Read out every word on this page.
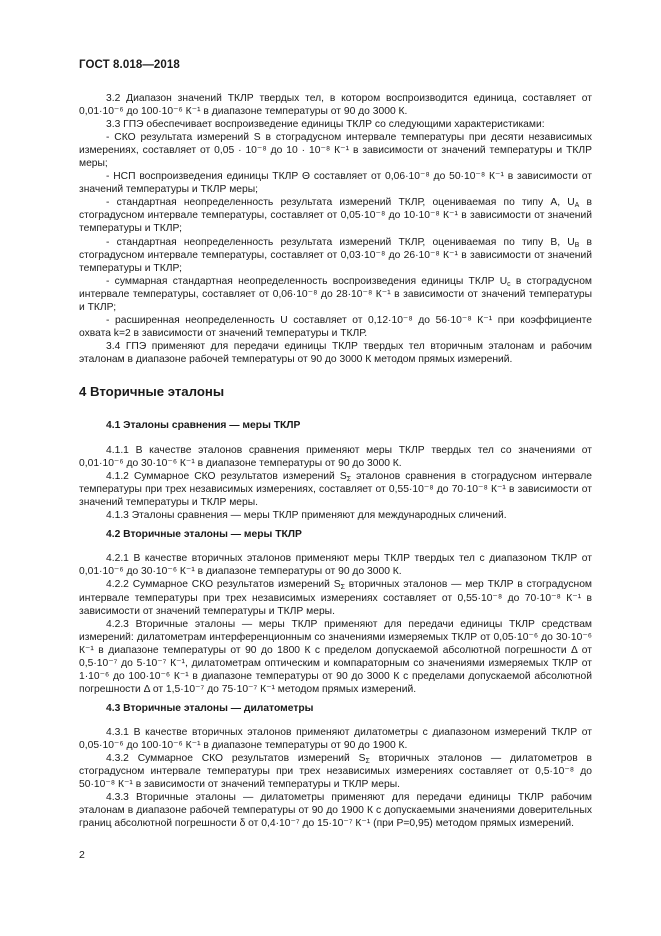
ГОСТ 8.018—2018

3.2 Диапазон значений ТКЛР твердых тел, в котором воспроизводится единица, составляет от 0,01·10⁻⁶ до 100·10⁻⁶ К⁻¹ в диапазоне температуры от 90 до 3000 К.

3.3 ГПЭ обеспечивает воспроизведение единицы ТКЛР со следующими характеристиками:

- СКО результата измерений S в стоградусном интервале температуры при десяти независимых измерениях, составляет от 0,05 · 10⁻⁸ до 10 · 10⁻⁸ К⁻¹ в зависимости от значений температуры и ТКЛР меры;

- НСП воспроизведения единицы ТКЛР Θ составляет от 0,06·10⁻⁸ до 50·10⁻⁸ К⁻¹ в зависимости от значений температуры и ТКЛР меры;

- стандартная неопределенность результата измерений ТКЛР, оцениваемая по типу А, $U_A$ в стоградусном интервале температуры, составляет от 0,05·10⁻⁸ до 10·10⁻⁸ К⁻¹ в зависимости от значений температуры и ТКЛР;

- стандартная неопределенность результата измерений ТКЛР, оцениваемая по типу В, $U_B$ в стоградусном интервале температуры, составляет от 0,03·10⁻⁸ до 26·10⁻⁸ К⁻¹ в зависимости от значений температуры и ТКЛР;

- суммарная стандартная неопределенность воспроизведения единицы ТКЛР $U_c$ в стоградусном интервале температуры, составляет от 0,06·10⁻⁸ до 28·10⁻⁸ К⁻¹ в зависимости от значений температуры и ТКЛР;

- расширенная неопределенность U составляет от 0,12·10⁻⁸ до 56·10⁻⁸ К⁻¹ при коэффициенте охвата k=2 в зависимости от значений температуры и ТКЛР.

3.4 ГПЭ применяют для передачи единицы ТКЛР твердых тел вторичным эталонам и рабочим эталонам в диапазоне рабочей температуры от 90 до 3000 К методом прямых измерений.

4 Вторичные эталоны

4.1 Эталоны сравнения — меры ТКЛР

4.1.1 В качестве эталонов сравнения применяют меры ТКЛР твердых тел со значениями от 0,01·10⁻⁶ до 30·10⁻⁶ К⁻¹ в диапазоне температуры от 90 до 3000 К.

4.1.2 Суммарное СКО результатов измерений $S_\Sigma$ эталонов сравнения в стоградусном интервале температуры при трех независимых измерениях, составляет от 0,55·10⁻⁸ до 70·10⁻⁸ К⁻¹ в зависимости от значений температуры и ТКЛР меры.

4.1.3 Эталоны сравнения — меры ТКЛР применяют для международных сличений.

4.2 Вторичные эталоны — меры ТКЛР

4.2.1 В качестве вторичных эталонов применяют меры ТКЛР твердых тел с диапазоном ТКЛР от 0,01·10⁻⁶ до 30·10⁻⁶ К⁻¹ в диапазоне температуры от 90 до 3000 К.

4.2.2 Суммарное СКО результатов измерений $S_\Sigma$ вторичных эталонов — мер ТКЛР в стоградусном интервале температуры при трех независимых измерениях составляет от 0,55·10⁻⁸ до 70·10⁻⁸ К⁻¹ в зависимости от значений температуры и ТКЛР меры.

4.2.3 Вторичные эталоны — меры ТКЛР применяют для передачи единицы ТКЛР средствам измерений: дилатометрам интерференционным со значениями измеряемых ТКЛР от 0,05·10⁻⁶ до 30·10⁻⁶ К⁻¹ в диапазоне температуры от 90 до 1800 К с пределом допускаемой абсолютной погрешности Δ от 0,5·10⁻⁷ до 5·10⁻⁷ К⁻¹, дилатометрам оптическим и компараторным со значениями измеряемых ТКЛР от 1·10⁻⁶ до 100·10⁻⁶ К⁻¹ в диапазоне температуры от 90 до 3000 К с пределами допускаемой абсолютной погрешности Δ от 1,5·10⁻⁷ до 75·10⁻⁷ К⁻¹ методом прямых измерений.

4.3 Вторичные эталоны — дилатометры

4.3.1 В качестве вторичных эталонов применяют дилатометры с диапазоном измерений ТКЛР от 0,05·10⁻⁶ до 100·10⁻⁶ К⁻¹ в диапазоне температуры от 90 до 1900 К.

4.3.2 Суммарное СКО результатов измерений $S_\Sigma$ вторичных эталонов — дилатометров в стоградусном интервале температуры при трех независимых измерениях составляет от 0,5·10⁻⁸ до 50·10⁻⁸ К⁻¹ в зависимости от значений температуры и ТКЛР меры.

4.3.3 Вторичные эталоны — дилатометры применяют для передачи единицы ТКЛР рабочим эталонам в диапазоне рабочей температуры от 90 до 1900 К с допускаемыми значениями доверительных границ абсолютной погрешности δ от 0,4·10⁻⁷ до 15·10⁻⁷ К⁻¹ (при P=0,95) методом прямых измерений.

2
